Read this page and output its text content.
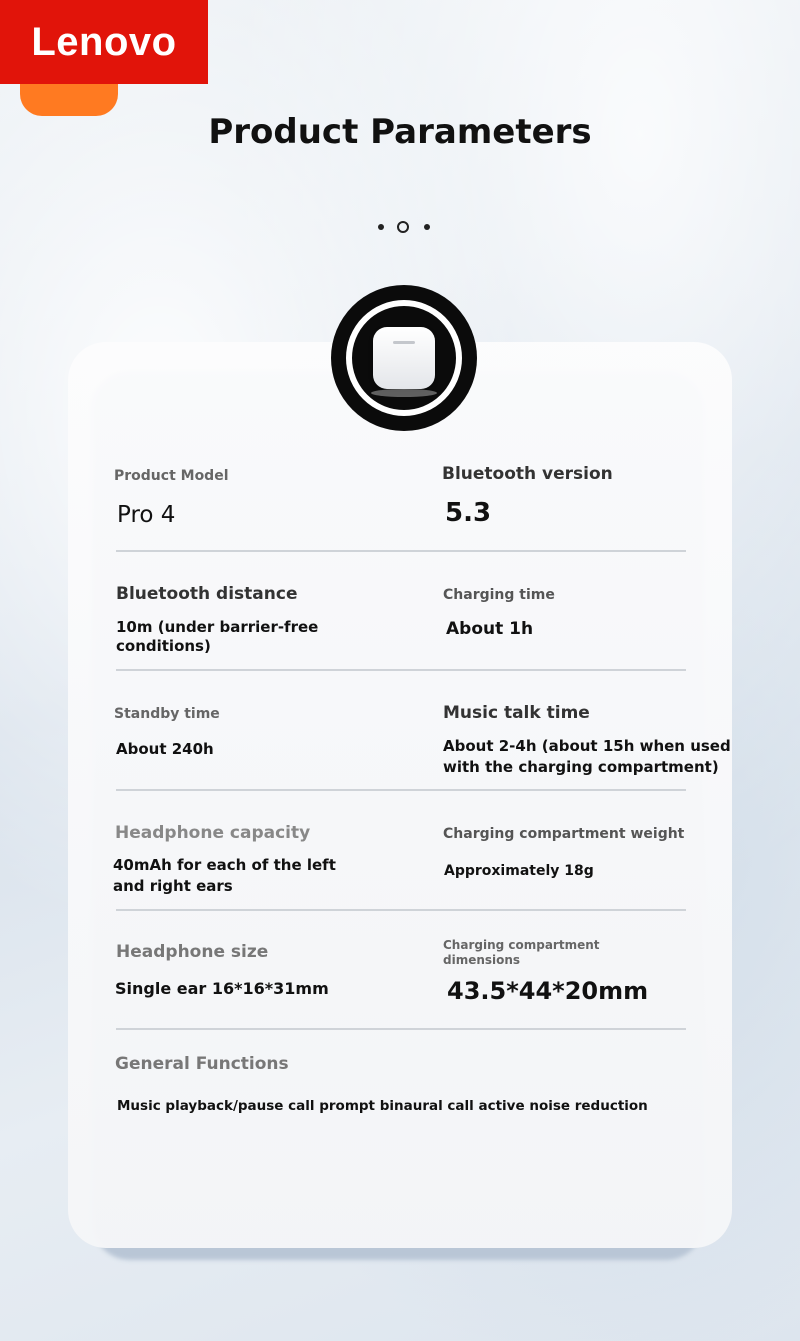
Lenovo
Product Parameters
Product Model
Pro 4
Bluetooth version
5.3
Bluetooth distance
10m (under barrier-free
conditions)
Charging time
About 1h
Standby time
About 240h
Music talk time
About 2-4h (about 15h when used
with the charging compartment)
Headphone capacity
40mAh for each of the left
and right ears
Charging compartment weight
Approximately 18g
Headphone size
Single ear 16*16*31mm
Charging compartment
dimensions
43.5*44*20mm
General Functions
Music playback/pause call prompt binaural call active noise reduction
